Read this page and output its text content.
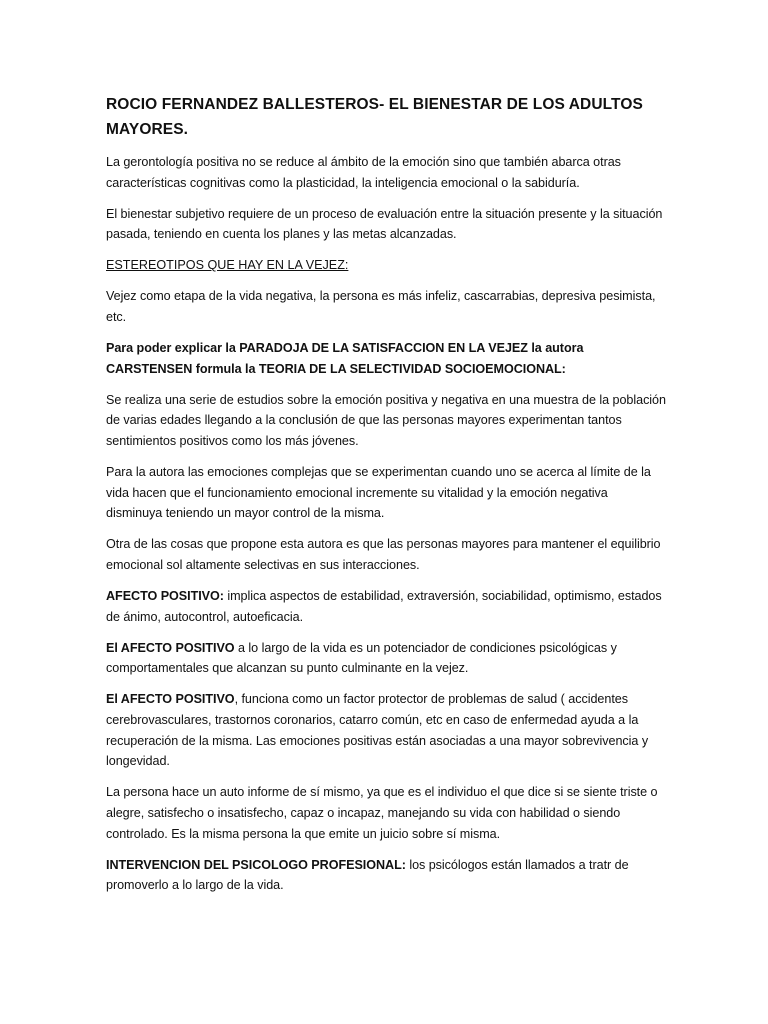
ROCIO FERNANDEZ BALLESTEROS- EL BIENESTAR DE LOS ADULTOS MAYORES.

La gerontología positiva no se reduce al ámbito de la emoción sino que también abarca otras características cognitivas como la plasticidad, la inteligencia emocional o la sabiduría.

El bienestar subjetivo requiere de un proceso de evaluación entre la situación presente y la situación pasada, teniendo en cuenta los planes y las metas alcanzadas.

ESTEREOTIPOS QUE HAY EN LA VEJEZ:

Vejez como etapa de la vida negativa, la persona es más infeliz, cascarrabias, depresiva pesimista, etc.

Para poder explicar la PARADOJA DE LA SATISFACCION EN LA VEJEZ la autora CARSTENSEN formula la TEORIA DE LA SELECTIVIDAD SOCIOEMOCIONAL:

Se realiza una serie de estudios sobre la emoción positiva y negativa en una muestra de la población de varias edades llegando a la conclusión de que las personas mayores experimentan tantos sentimientos positivos como los más jóvenes.

Para la autora las emociones complejas que se experimentan cuando uno se acerca al límite de la vida hacen que el funcionamiento emocional incremente su vitalidad y la emoción negativa disminuya teniendo un mayor control de la misma.

Otra de las cosas que propone esta autora es que las personas mayores para mantener el equilibrio emocional sol altamente selectivas en sus interacciones.

AFECTO POSITIVO: implica aspectos de estabilidad, extraversión, sociabilidad, optimismo, estados de ánimo, autocontrol, autoeficacia.

El AFECTO POSITIVO a lo largo de la vida es un potenciador de condiciones psicológicas y comportamentales que alcanzan su punto culminante en la vejez.

El AFECTO POSITIVO, funciona como un factor protector de problemas de salud ( accidentes cerebrovasculares, trastornos coronarios, catarro común, etc en caso de enfermedad ayuda a la recuperación de la misma. Las emociones positivas están asociadas a una mayor sobrevivencia y longevidad.

La persona hace un auto informe de sí mismo, ya que es el individuo el que dice si se siente triste o alegre, satisfecho o insatisfecho, capaz o incapaz, manejando su vida con habilidad o siendo controlado. Es la misma persona la que emite un juicio sobre sí misma.

INTERVENCION DEL PSICOLOGO PROFESIONAL: los psicólogos están llamados a tratr de promoverlo a lo largo de la vida.
